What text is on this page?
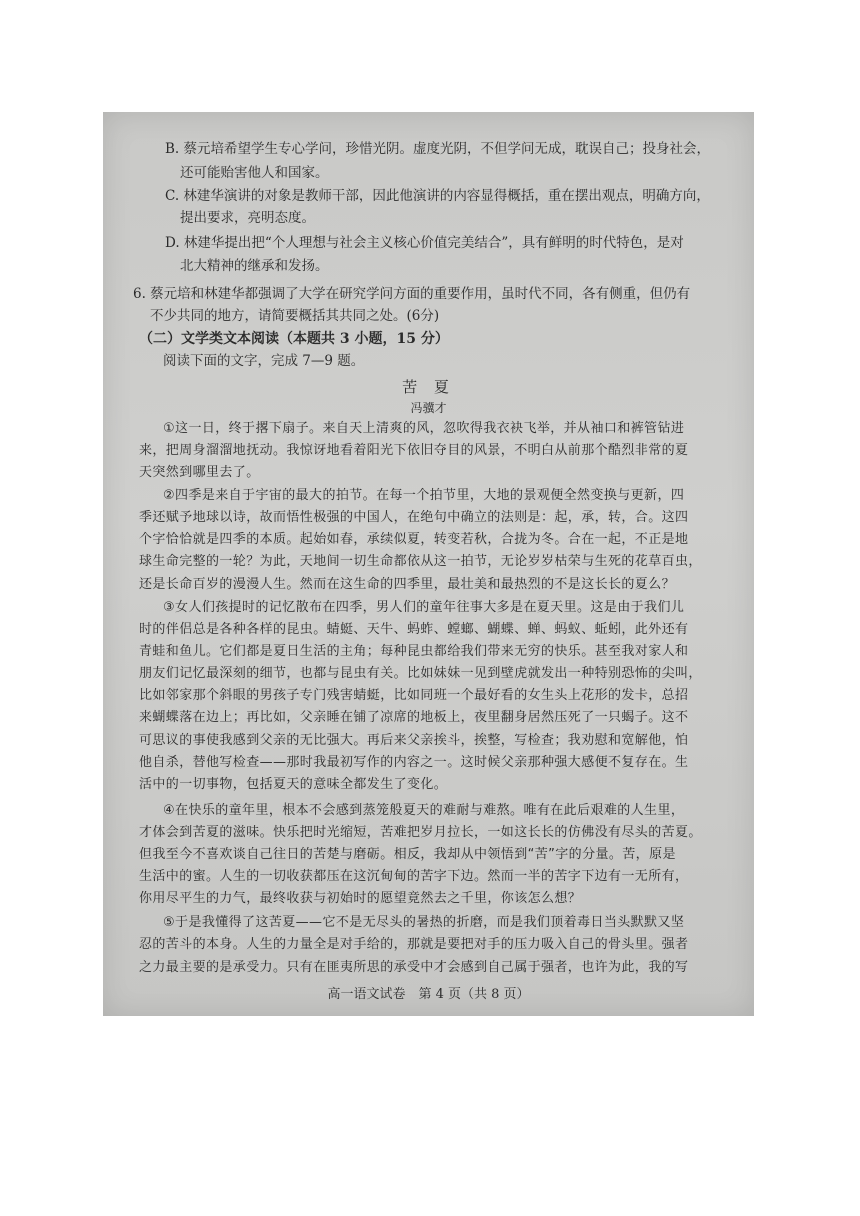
B. 蔡元培希望学生专心学问，珍惜光阴。虚度光阴，不但学问无成，耽误自己；投身社会，
还可能贻害他人和国家。
C. 林建华演讲的对象是教师干部，因此他演讲的内容显得概括，重在摆出观点，明确方向，
提出要求，亮明态度。
D. 林建华提出把“个人理想与社会主义核心价值完美结合”，具有鲜明的时代特色，是对
北大精神的继承和发扬。
6. 蔡元培和林建华都强调了大学在研究学问方面的重要作用，虽时代不同，各有侧重，但仍有
不少共同的地方，请简要概括其共同之处。(6分)
（二）文学类文本阅读（本题共 3 小题，15 分）
阅读下面的文字，完成 7—9 题。
苦 夏
冯骥才
①这一日，终于撂下扇子。来自天上清爽的风，忽吹得我衣袂飞举，并从袖口和裤管钻进
来，把周身溜溜地抚动。我惊讶地看着阳光下依旧夺目的风景，不明白从前那个酷烈非常的夏
天突然到哪里去了。
②四季是来自于宇宙的最大的拍节。在每一个拍节里，大地的景观便全然变换与更新，四
季还赋予地球以诗，故而悟性极强的中国人，在绝句中确立的法则是：起，承，转，合。这四
个字恰恰就是四季的本质。起始如春，承续似夏，转变若秋，合拢为冬。合在一起，不正是地
球生命完整的一轮？为此，天地间一切生命都依从这一拍节，无论岁岁枯荣与生死的花草百虫，
还是长命百岁的漫漫人生。然而在这生命的四季里，最壮美和最热烈的不是这长长的夏么？
③女人们孩提时的记忆散布在四季，男人们的童年往事大多是在夏天里。这是由于我们儿
时的伴侣总是各种各样的昆虫。蜻蜓、天牛、蚂蚱、螳螂、蝴蝶、蝉、蚂蚁、蚯蚓，此外还有
青蛙和鱼儿。它们都是夏日生活的主角；每种昆虫都给我们带来无穷的快乐。甚至我对家人和
朋友们记忆最深刻的细节，也都与昆虫有关。比如妹妹一见到壁虎就发出一种特别恐怖的尖叫，
比如邻家那个斜眼的男孩子专门残害蜻蜓，比如同班一个最好看的女生头上花形的发卡，总招
来蝴蝶落在边上；再比如，父亲睡在铺了凉席的地板上，夜里翻身居然压死了一只蝎子。这不
可思议的事使我感到父亲的无比强大。再后来父亲挨斗，挨整，写检查；我劝慰和宽解他，怕
他自杀，替他写检查——那时我最初写作的内容之一。这时候父亲那种强大感便不复存在。生
活中的一切事物，包括夏天的意味全都发生了变化。
④在快乐的童年里，根本不会感到蒸笼般夏天的难耐与难熬。唯有在此后艰难的人生里，
才体会到苦夏的滋味。快乐把时光缩短，苦难把岁月拉长，一如这长长的仿佛没有尽头的苦夏。
但我至今不喜欢谈自己往日的苦楚与磨砺。相反，我却从中领悟到“苦”字的分量。苦，原是
生活中的蜜。人生的一切收获都压在这沉甸甸的苦字下边。然而一半的苦字下边有一无所有，
你用尽平生的力气，最终收获与初始时的愿望竟然去之千里，你该怎么想？
⑤于是我懂得了这苦夏——它不是无尽头的暑热的折磨，而是我们顶着毒日当头默默又坚
忍的苦斗的本身。人生的力量全是对手给的，那就是要把对手的压力吸入自己的骨头里。强者
之力最主要的是承受力。只有在匪夷所思的承受中才会感到自己属于强者，也许为此，我的写
高一语文试卷　第 4 页（共 8 页）
